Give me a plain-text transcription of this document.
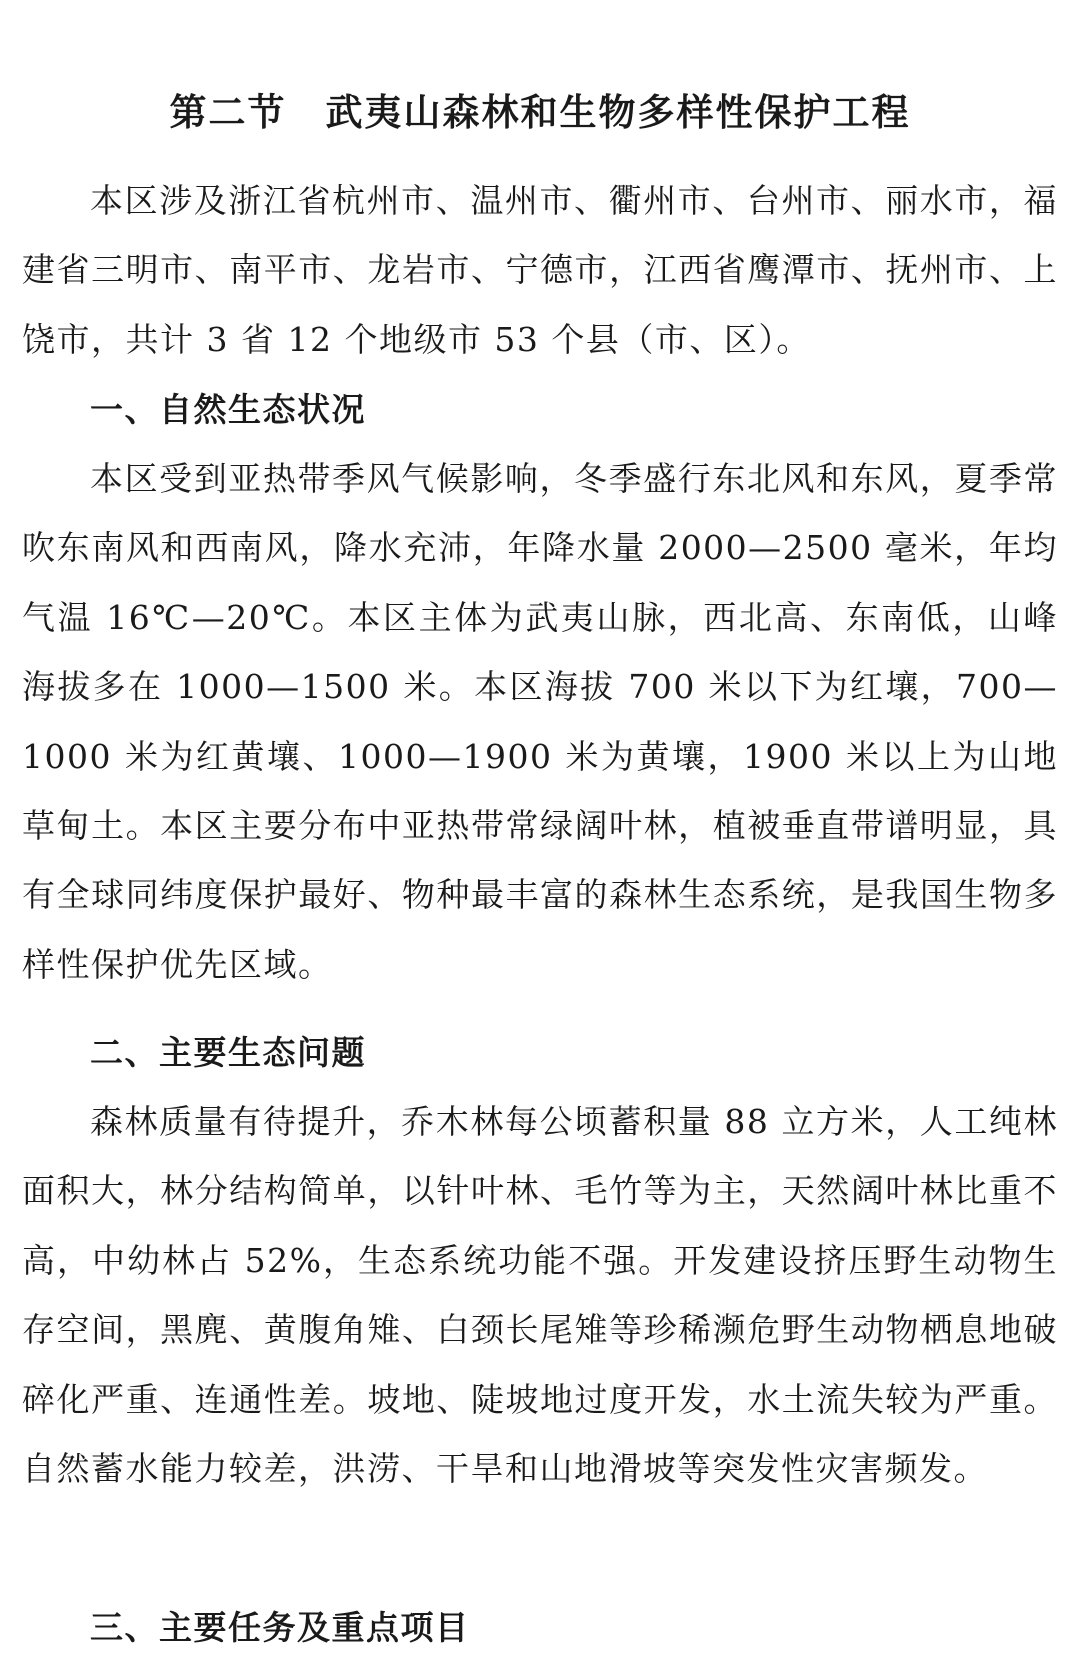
第二节　武夷山森林和生物多样性保护工程

本区涉及浙江省杭州市、温州市、衢州市、台州市、丽水市，福建省三明市、南平市、龙岩市、宁德市，江西省鹰潭市、抚州市、上饶市，共计 3 省 12 个地级市 53 个县（市、区）。

一、自然生态状况

本区受到亚热带季风气候影响，冬季盛行东北风和东风，夏季常吹东南风和西南风，降水充沛，年降水量 2000—2500 毫米，年均气温 16℃—20℃。本区主体为武夷山脉，西北高、东南低，山峰海拔多在 1000—1500 米。本区海拔 700 米以下为红壤，700—1000 米为红黄壤、1000—1900 米为黄壤，1900 米以上为山地草甸土。本区主要分布中亚热带常绿阔叶林，植被垂直带谱明显，具有全球同纬度保护最好、物种最丰富的森林生态系统，是我国生物多样性保护优先区域。

二、主要生态问题

森林质量有待提升，乔木林每公顷蓄积量 88 立方米，人工纯林面积大，林分结构简单，以针叶林、毛竹等为主，天然阔叶林比重不高，中幼林占 52%，生态系统功能不强。开发建设挤压野生动物生存空间，黑麂、黄腹角雉、白颈长尾雉等珍稀濒危野生动物栖息地破碎化严重、连通性差。坡地、陡坡地过度开发，水土流失较为严重。自然蓄水能力较差，洪涝、干旱和山地滑坡等突发性灾害频发。

三、主要任务及重点项目
